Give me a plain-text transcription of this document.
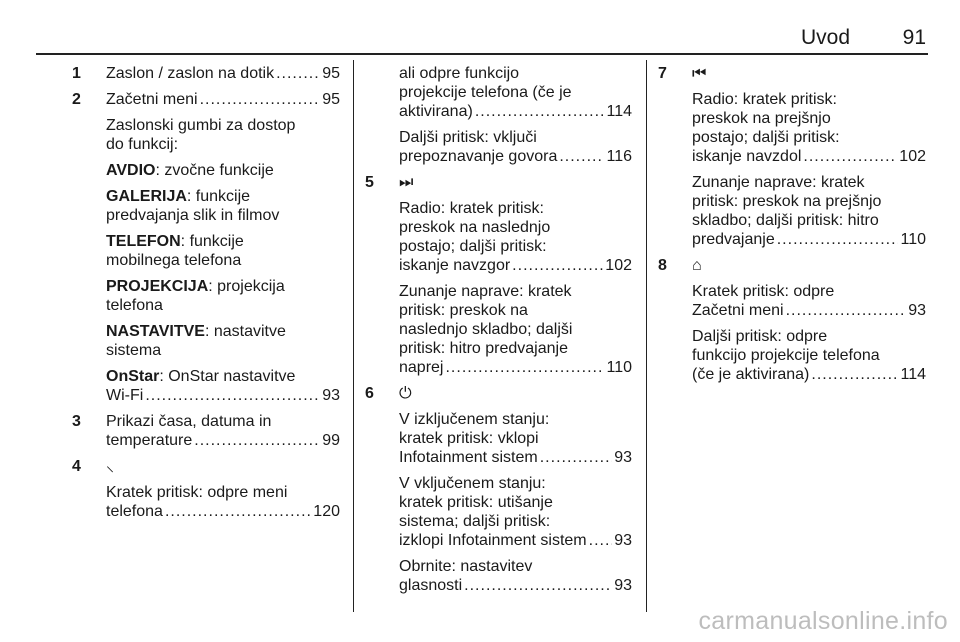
Uvod	91
1 Zaslon / zaslon na dotik .....	95
2 Začetni meni .....	95
Zaslonski gumbi za dostop
do funkcij:
AVDIO: zvočne funkcije
GALERIJA: funkcije
predvajanja slik in filmov
TELEFON: funkcije
mobilnega telefona
PROJEKCIJA: projekcija
telefona
NASTAVITVE: nastavitve
sistema
OnStar: OnStar nastavitve
Wi-Fi .....	93
3 Prikazi časa, datuma in
temperature .....	99
4 ⸜
Kratek pritisk: odpre meni
telefona .....	120
ali odpre funkcijo
projekcije telefona (če je
aktivirana) .....	114
Daljši pritisk: vključi
prepoznavanje govora .....	116
5 ⏭
Radio: kratek pritisk:
preskok na naslednjo
postajo; daljši pritisk:
iskanje navzgor .....	102
Zunanje naprave: kratek
pritisk: preskok na
naslednjo skladbo; daljši
pritisk: hitro predvajanje
naprej .....	110
6 ⏻
V izključenem stanju:
kratek pritisk: vklopi
Infotainment sistem .....	93
V vključenem stanju:
kratek pritisk: utišanje
sistema; daljši pritisk:
izklopi Infotainment sistem ..... 93
Obrnite: nastavitev
glasnosti .....	93
7 ⏮
Radio: kratek pritisk:
preskok na prejšnjo
postajo; daljši pritisk:
iskanje navzdol .....	102
Zunanje naprave: kratek
pritisk: preskok na prejšnjo
skladbo; daljši pritisk: hitro
predvajanje .....	110
8 ⌂
Kratek pritisk: odpre
Začetni meni .....	93
Daljši pritisk: odpre
funkcijo projekcije telefona
(če je aktivirana) .....	114
carmanualsonline.info
